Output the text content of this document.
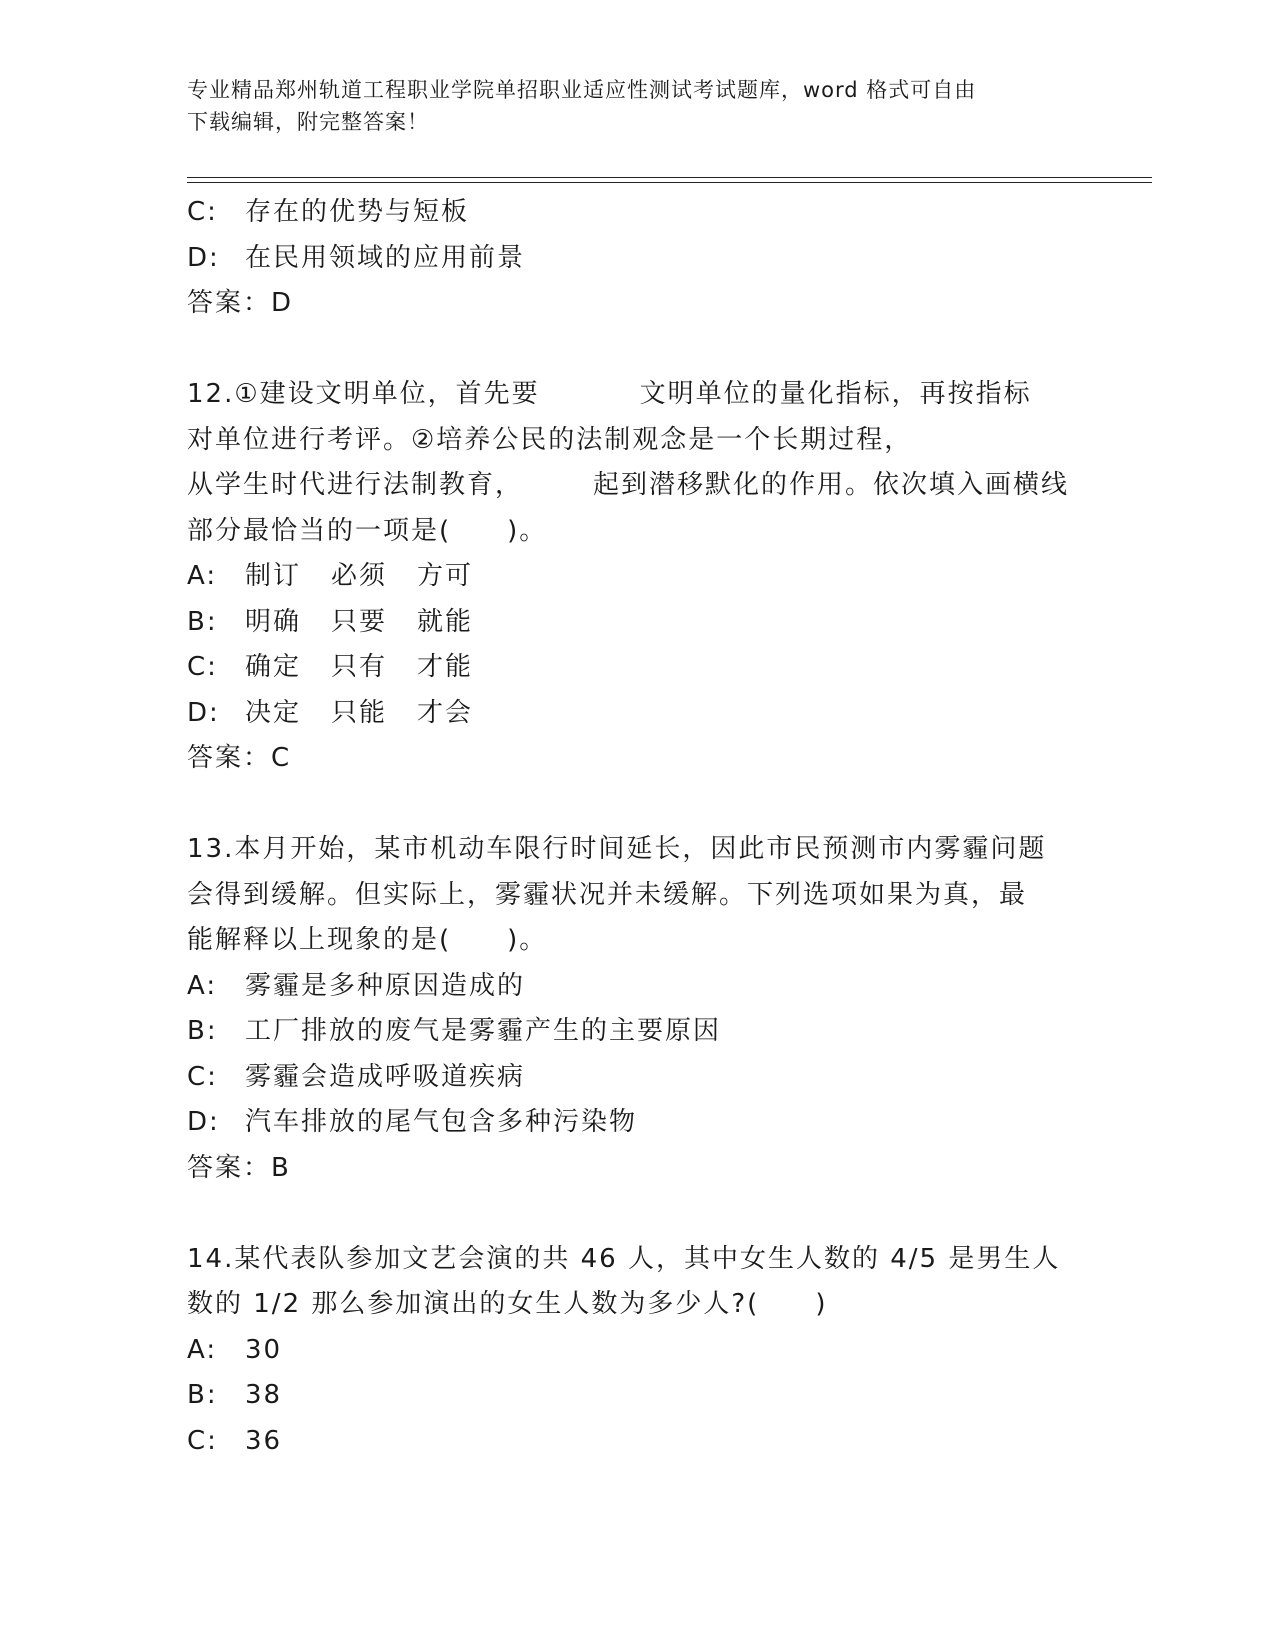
专业精品郑州轨道工程职业学院单招职业适应性测试考试题库，word 格式可自由
下载编辑，附完整答案！
C: 存在的优势与短板
D: 在民用领域的应用前景
答案：D
12.①建设文明单位，首先要	文明单位的量化指标，再按指标
对单位进行考评。②培养公民的法制观念是一个长期过程，
从学生时代进行法制教育，	起到潜移默化的作用。依次填入画横线
部分最恰当的一项是(　　)。
A: 制订 必须 方可
B: 明确 只要 就能
C: 确定 只有 才能
D: 决定 只能 才会
答案：C
13.本月开始，某市机动车限行时间延长，因此市民预测市内雾霾问题
会得到缓解。但实际上，雾霾状况并未缓解。下列选项如果为真，最
能解释以上现象的是(　　)。
A: 雾霾是多种原因造成的
B: 工厂排放的废气是雾霾产生的主要原因
C: 雾霾会造成呼吸道疾病
D: 汽车排放的尾气包含多种污染物
答案：B
14.某代表队参加文艺会演的共 46 人，其中女生人数的 4/5 是男生人
数的 1/2 那么参加演出的女生人数为多少人?(　　)
A: 30
B: 38
C: 36
